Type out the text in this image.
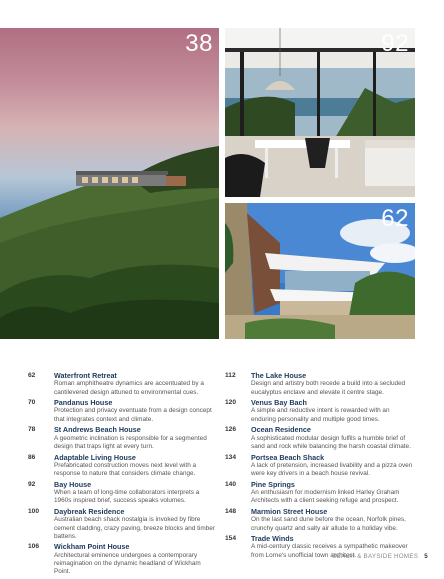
38	92
62
62	Waterfront Retreat
Roman amphitheatre dynamics are accentuated by a cantilevered design attuned to environmental cues.
70	Pandanus House
Protection and privacy eventuate from a design concept that integrates context and climate.
78	St Andrews Beach House
A geometric inclination is responsible for a segmented design that traps light at every turn.
86	Adaptable Living House
Prefabricated construction moves next level with a response to nature that considers climate change.
92	Bay House
When a team of long-time collaborators interprets a 1960s inspired brief, success speaks volumes.
100 Daybreak Residence
Australian beach shack nostalgia is invoked by fibre cement cladding, crazy paving, breeze blocks and timber battens.
106 Wickham Point House
Architectural eminence undergoes a contemporary reimagination on the dynamic headland of Wickham Point.
112 The Lake House
Design and artistry both recede a build into a secluded eucalyptus enclave and elevate it centre stage.
120 Venus Bay Bach
A simple and reductive intent is rewarded with an enduring personality and multiple good times.
126 Ocean Residence
A sophisticated modular design fulfils a humble brief of sand and rock while balancing the harsh coastal climate.
134 Portsea Beach Shack
A lack of pretension, increased livability and a pizza oven were key drivers in a beach house revival.
140 Pine Springs
An enthusiasm for modernism linked Harley Graham Architects with a client seeking refuge and prospect.
148 Marmion Street House
On the last sand dune before the ocean, Norfolk pines, crunchy quartz and salty air allude to a holiday vibe.
154 Trade Winds
A mid-century classic receives a sympathetic makeover from Lorne's unofficial town architect.
BEACH & BAYSIDE HOMES 5
